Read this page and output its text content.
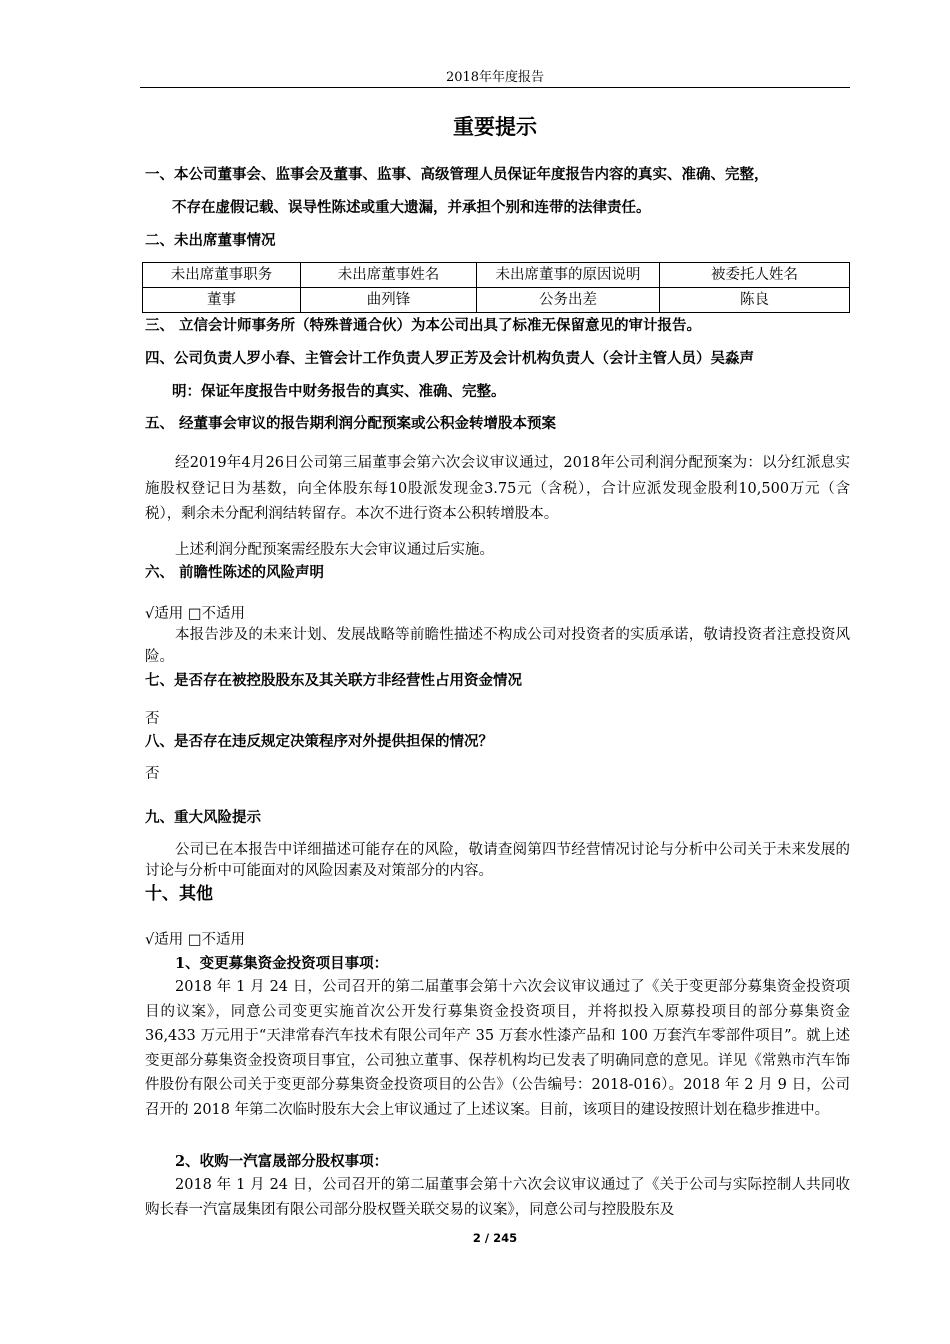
2018年年度报告
重要提示
一、本公司董事会、监事会及董事、监事、高级管理人员保证年度报告内容的真实、准确、完整，
不存在虚假记载、误导性陈述或重大遗漏，并承担个别和连带的法律责任。
二、未出席董事情况
未出席董事职务	未出席董事姓名	未出席董事的原因说明	被委托人姓名
董事	曲列锋	公务出差	陈良
三、 立信会计师事务所（特殊普通合伙）为本公司出具了标准无保留意见的审计报告。
四、公司负责人罗小春、主管会计工作负责人罗正芳及会计机构负责人（会计主管人员）吴淼声
明：保证年度报告中财务报告的真实、准确、完整。
五、 经董事会审议的报告期利润分配预案或公积金转增股本预案
经2019年4月26日公司第三届董事会第六次会议审议通过，2018年公司利润分配预案为：以分红派息实施股权登记日为基数，向全体股东每10股派发现金3.75元（含税），合计应派发现金股利10,500万元（含税），剩余未分配利润结转留存。本次不进行资本公积转增股本。
上述利润分配预案需经股东大会审议通过后实施。
六、 前瞻性陈述的风险声明
√适用 □不适用
本报告涉及的未来计划、发展战略等前瞻性描述不构成公司对投资者的实质承诺，敬请投资者注意投资风险。
七、是否存在被控股股东及其关联方非经营性占用资金情况
否
八、是否存在违反规定决策程序对外提供担保的情况？
否
九、重大风险提示
公司已在本报告中详细描述可能存在的风险，敬请查阅第四节经营情况讨论与分析中公司关于未来发展的讨论与分析中可能面对的风险因素及对策部分的内容。
十、其他
√适用 □不适用
1、变更募集资金投资项目事项：
2018 年 1 月 24 日，公司召开的第二届董事会第十六次会议审议通过了《关于变更部分募集资金投资项目的议案》，同意公司变更实施首次公开发行募集资金投资项目，并将拟投入原募投项目的部分募集资金 36,433 万元用于“天津常春汽车技术有限公司年产 35 万套水性漆产品和 100 万套汽车零部件项目”。就上述变更部分募集资金投资项目事宜，公司独立董事、保荐机构均已发表了明确同意的意见。详见《常熟市汽车饰件股份有限公司关于变更部分募集资金投资项目的公告》（公告编号：2018-016）。2018 年 2 月 9 日，公司召开的 2018 年第二次临时股东大会上审议通过了上述议案。目前，该项目的建设按照计划在稳步推进中。
2、收购一汽富晟部分股权事项：
2018 年 1 月 24 日，公司召开的第二届董事会第十六次会议审议通过了《关于公司与实际控制人共同收购长春一汽富晟集团有限公司部分股权暨关联交易的议案》，同意公司与控股股东及
2 / 245
